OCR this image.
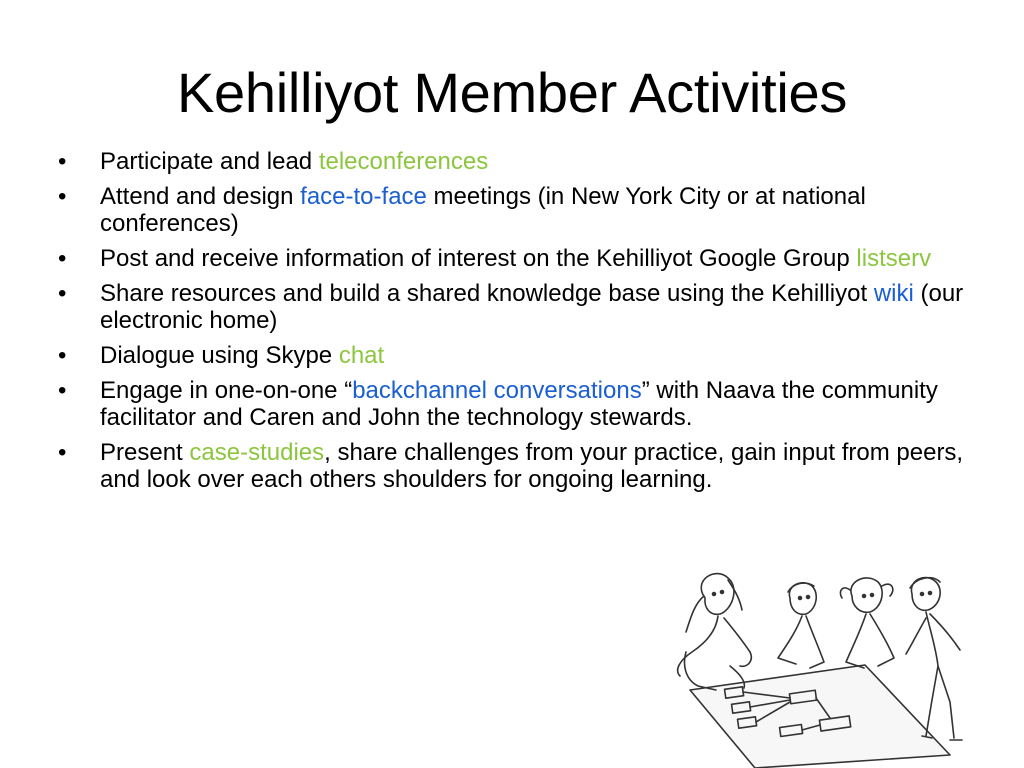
Kehilliyot Member Activities
•	Participate and lead teleconferences
•	Attend and design face-to-face meetings (in New York City or at national conferences)
•	Post and receive information of interest on the Kehilliyot Google Group listserv
•	Share resources and build a shared knowledge base using the Kehilliyot wiki (our electronic home)
•	Dialogue using Skype chat
•	Engage in one-on-one “backchannel conversations” with Naava the community facilitator and Caren and John the technology stewards.
•	Present case-studies, share challenges from your practice, gain input from peers, and look over each others shoulders for ongoing learning.
